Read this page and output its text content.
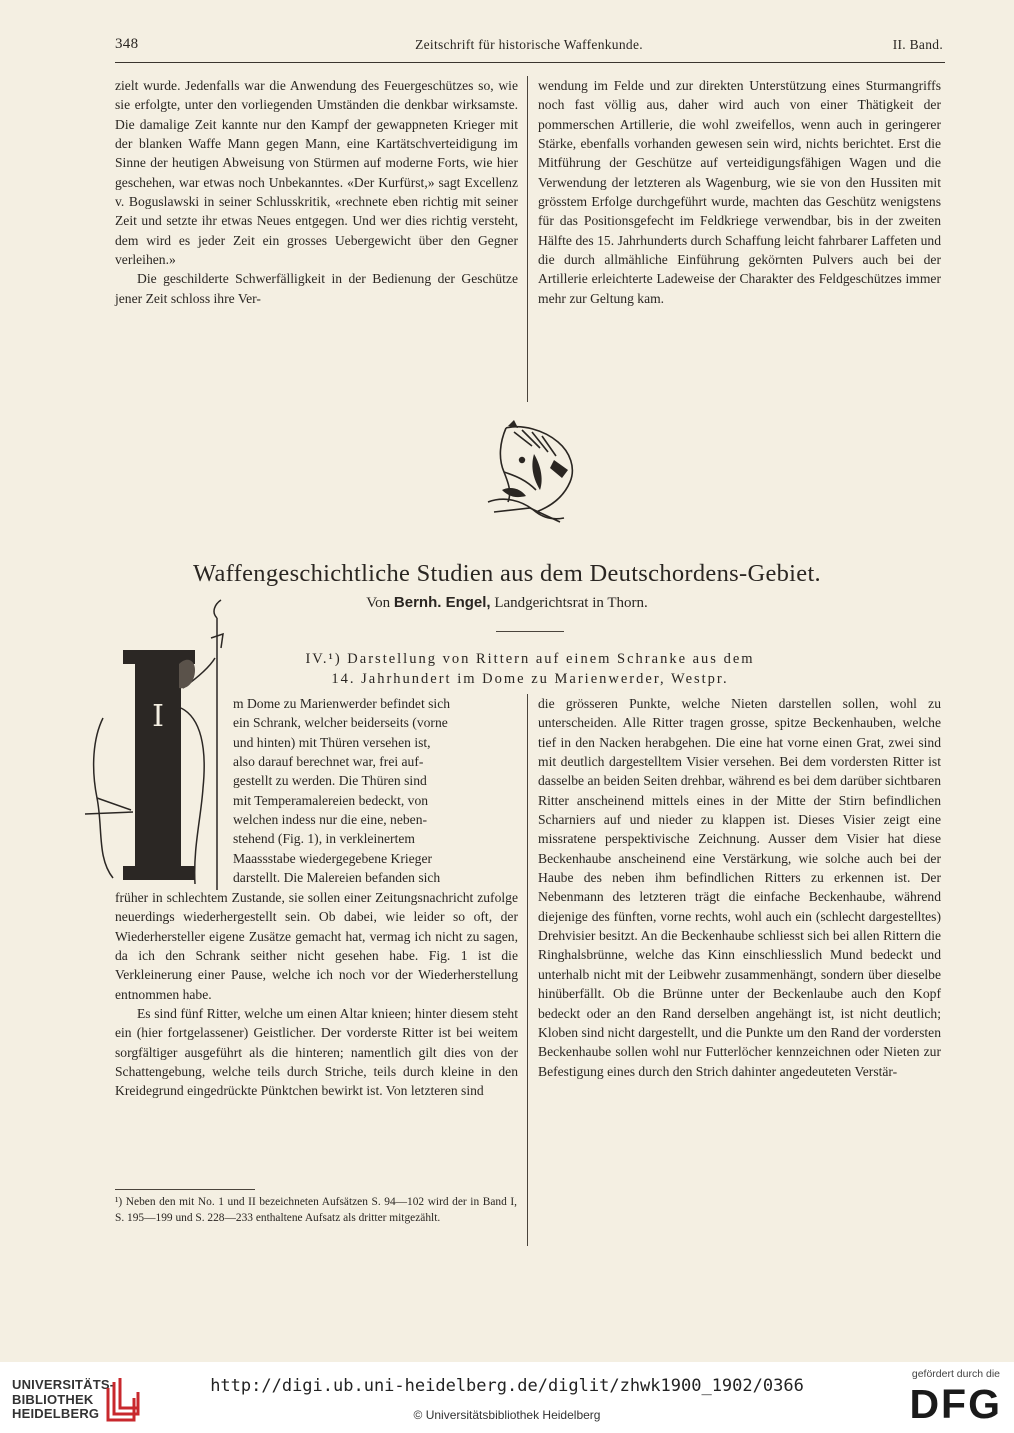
348	Zeitschrift für historische Waffenkunde.	II. Band.

zielt wurde. Jedenfalls war die Anwendung des Feuergeschützes so, wie sie erfolgte, unter den vorliegenden Umständen die denkbar wirksamste. Die damalige Zeit kannte nur den Kampf der gewappneten Krieger mit der blanken Waffe Mann gegen Mann, eine Kartätschverteidigung im Sinne der heutigen Abweisung von Stürmen auf moderne Forts, wie hier geschehen, war etwas noch Unbekanntes. «Der Kurfürst,» sagt Excellenz v. Boguslawski in seiner Schlusskritik, «rechnete eben richtig mit seiner Zeit und setzte ihr etwas Neues entgegen. Und wer dies richtig versteht, dem wird es jeder Zeit ein grosses Uebergewicht über den Gegner verleihen.»

Die geschilderte Schwerfälligkeit in der Bedienung der Geschütze jener Zeit schloss ihre Ver-

wendung im Felde und zur direkten Unterstützung eines Sturmangriffs noch fast völlig aus, daher wird auch von einer Thätigkeit der pommerschen Artillerie, die wohl zweifellos, wenn auch in geringerer Stärke, ebenfalls vorhanden gewesen sein wird, nichts berichtet. Erst die Mitführung der Geschütze auf verteidigungsfähigen Wagen und die Verwendung der letzteren als Wagenburg, wie sie von den Hussiten mit grösstem Erfolge durchgeführt wurde, machten das Geschütz wenigstens für das Positionsgefecht im Feldkriege verwendbar, bis in der zweiten Hälfte des 15. Jahrhunderts durch Schaffung leicht fahrbarer Laffeten und die durch allmähliche Einführung gekörnten Pulvers auch bei der Artillerie erleichterte Ladeweise der Charakter des Feldgeschützes immer mehr zur Geltung kam.

Waffengeschichtliche Studien aus dem Deutschordens-Gebiet.
Von Bernh. Engel, Landgerichtsrat in Thorn.
IV.¹) Darstellung von Rittern auf einem Schranke aus dem
14. Jahrhundert im Dome zu Marienwerder, Westpr.
I	m Dome zu Marienwerder befindet sich
ein Schrank, welcher beiderseits (vorne
und hinten) mit Thüren versehen ist,
also darauf berechnet war, frei auf-
gestellt zu werden. Die Thüren sind
mit Temperamalereien bedeckt, von
welchen indess nur die eine, neben-
stehend (Fig. 1), in verkleinertem
Maassstabe wiedergegebene Krieger
darstellt. Die Malereien befanden sich

früher in schlechtem Zustande, sie sollen einer Zeitungsnachricht zufolge neuerdings wiederhergestellt sein. Ob dabei, wie leider so oft, der Wiederhersteller eigene Zusätze gemacht hat, vermag ich nicht zu sagen, da ich den Schrank seither nicht gesehen habe. Fig. 1 ist die Verkleinerung einer Pause, welche ich noch vor der Wiederherstellung entnommen habe.

Es sind fünf Ritter, welche um einen Altar knieen; hinter diesem steht ein (hier fortgelassener) Geistlicher. Der vorderste Ritter ist bei weitem sorgfältiger ausgeführt als die hinteren; namentlich gilt dies von der Schattengebung, welche teils durch Striche, teils durch kleine in den Kreidegrund eingedrückte Pünktchen bewirkt ist. Von letzteren sind

die grösseren Punkte, welche Nieten darstellen sollen, wohl zu unterscheiden. Alle Ritter tragen grosse, spitze Beckenhauben, welche tief in den Nacken herabgehen. Die eine hat vorne einen Grat, zwei sind mit deutlich dargestelltem Visier versehen. Bei dem vordersten Ritter ist dasselbe an beiden Seiten drehbar, während es bei dem darüber sichtbaren Ritter anscheinend mittels eines in der Mitte der Stirn befindlichen Scharniers auf und nieder zu klappen ist. Dieses Visier zeigt eine missratene perspektivische Zeichnung. Ausser dem Visier hat diese Beckenhaube anscheinend eine Verstärkung, wie solche auch bei der Haube des neben ihm befindlichen Ritters zu erkennen ist. Der Nebenmann des letzteren trägt die einfache Beckenhaube, während diejenige des fünften, vorne rechts, wohl auch ein (schlecht dargestelltes) Drehvisier besitzt. An die Beckenhaube schliesst sich bei allen Rittern die Ringhalsbrünne, welche das Kinn einschliesslich Mund bedeckt und unterhalb nicht mit der Leibwehr zusammenhängt, sondern über dieselbe hinüberfällt. Ob die Brünne unter der Beckenlaube auch den Kopf bedeckt oder an den Rand derselben angehängt ist, ist nicht deutlich; Kloben sind nicht dargestellt, und die Punkte um den Rand der vordersten Beckenhaube sollen wohl nur Futterlöcher kennzeichnen oder Nieten zur Befestigung eines durch den Strich dahinter angedeuteten Verstär-

¹) Neben den mit No. 1 und II bezeichneten Aufsätzen S. 94—102 wird der in Band I, S. 195—199 und S. 228—233 enthaltene Aufsatz als dritter mitgezählt.
UNIVERSITÄTS-
BIBLIOTHEK
HEIDELBERG
http://digi.ub.uni-heidelberg.de/diglit/zhwk1900_1902/0366
© Universitätsbibliothek Heidelberg
gefördert durch die
DFG
